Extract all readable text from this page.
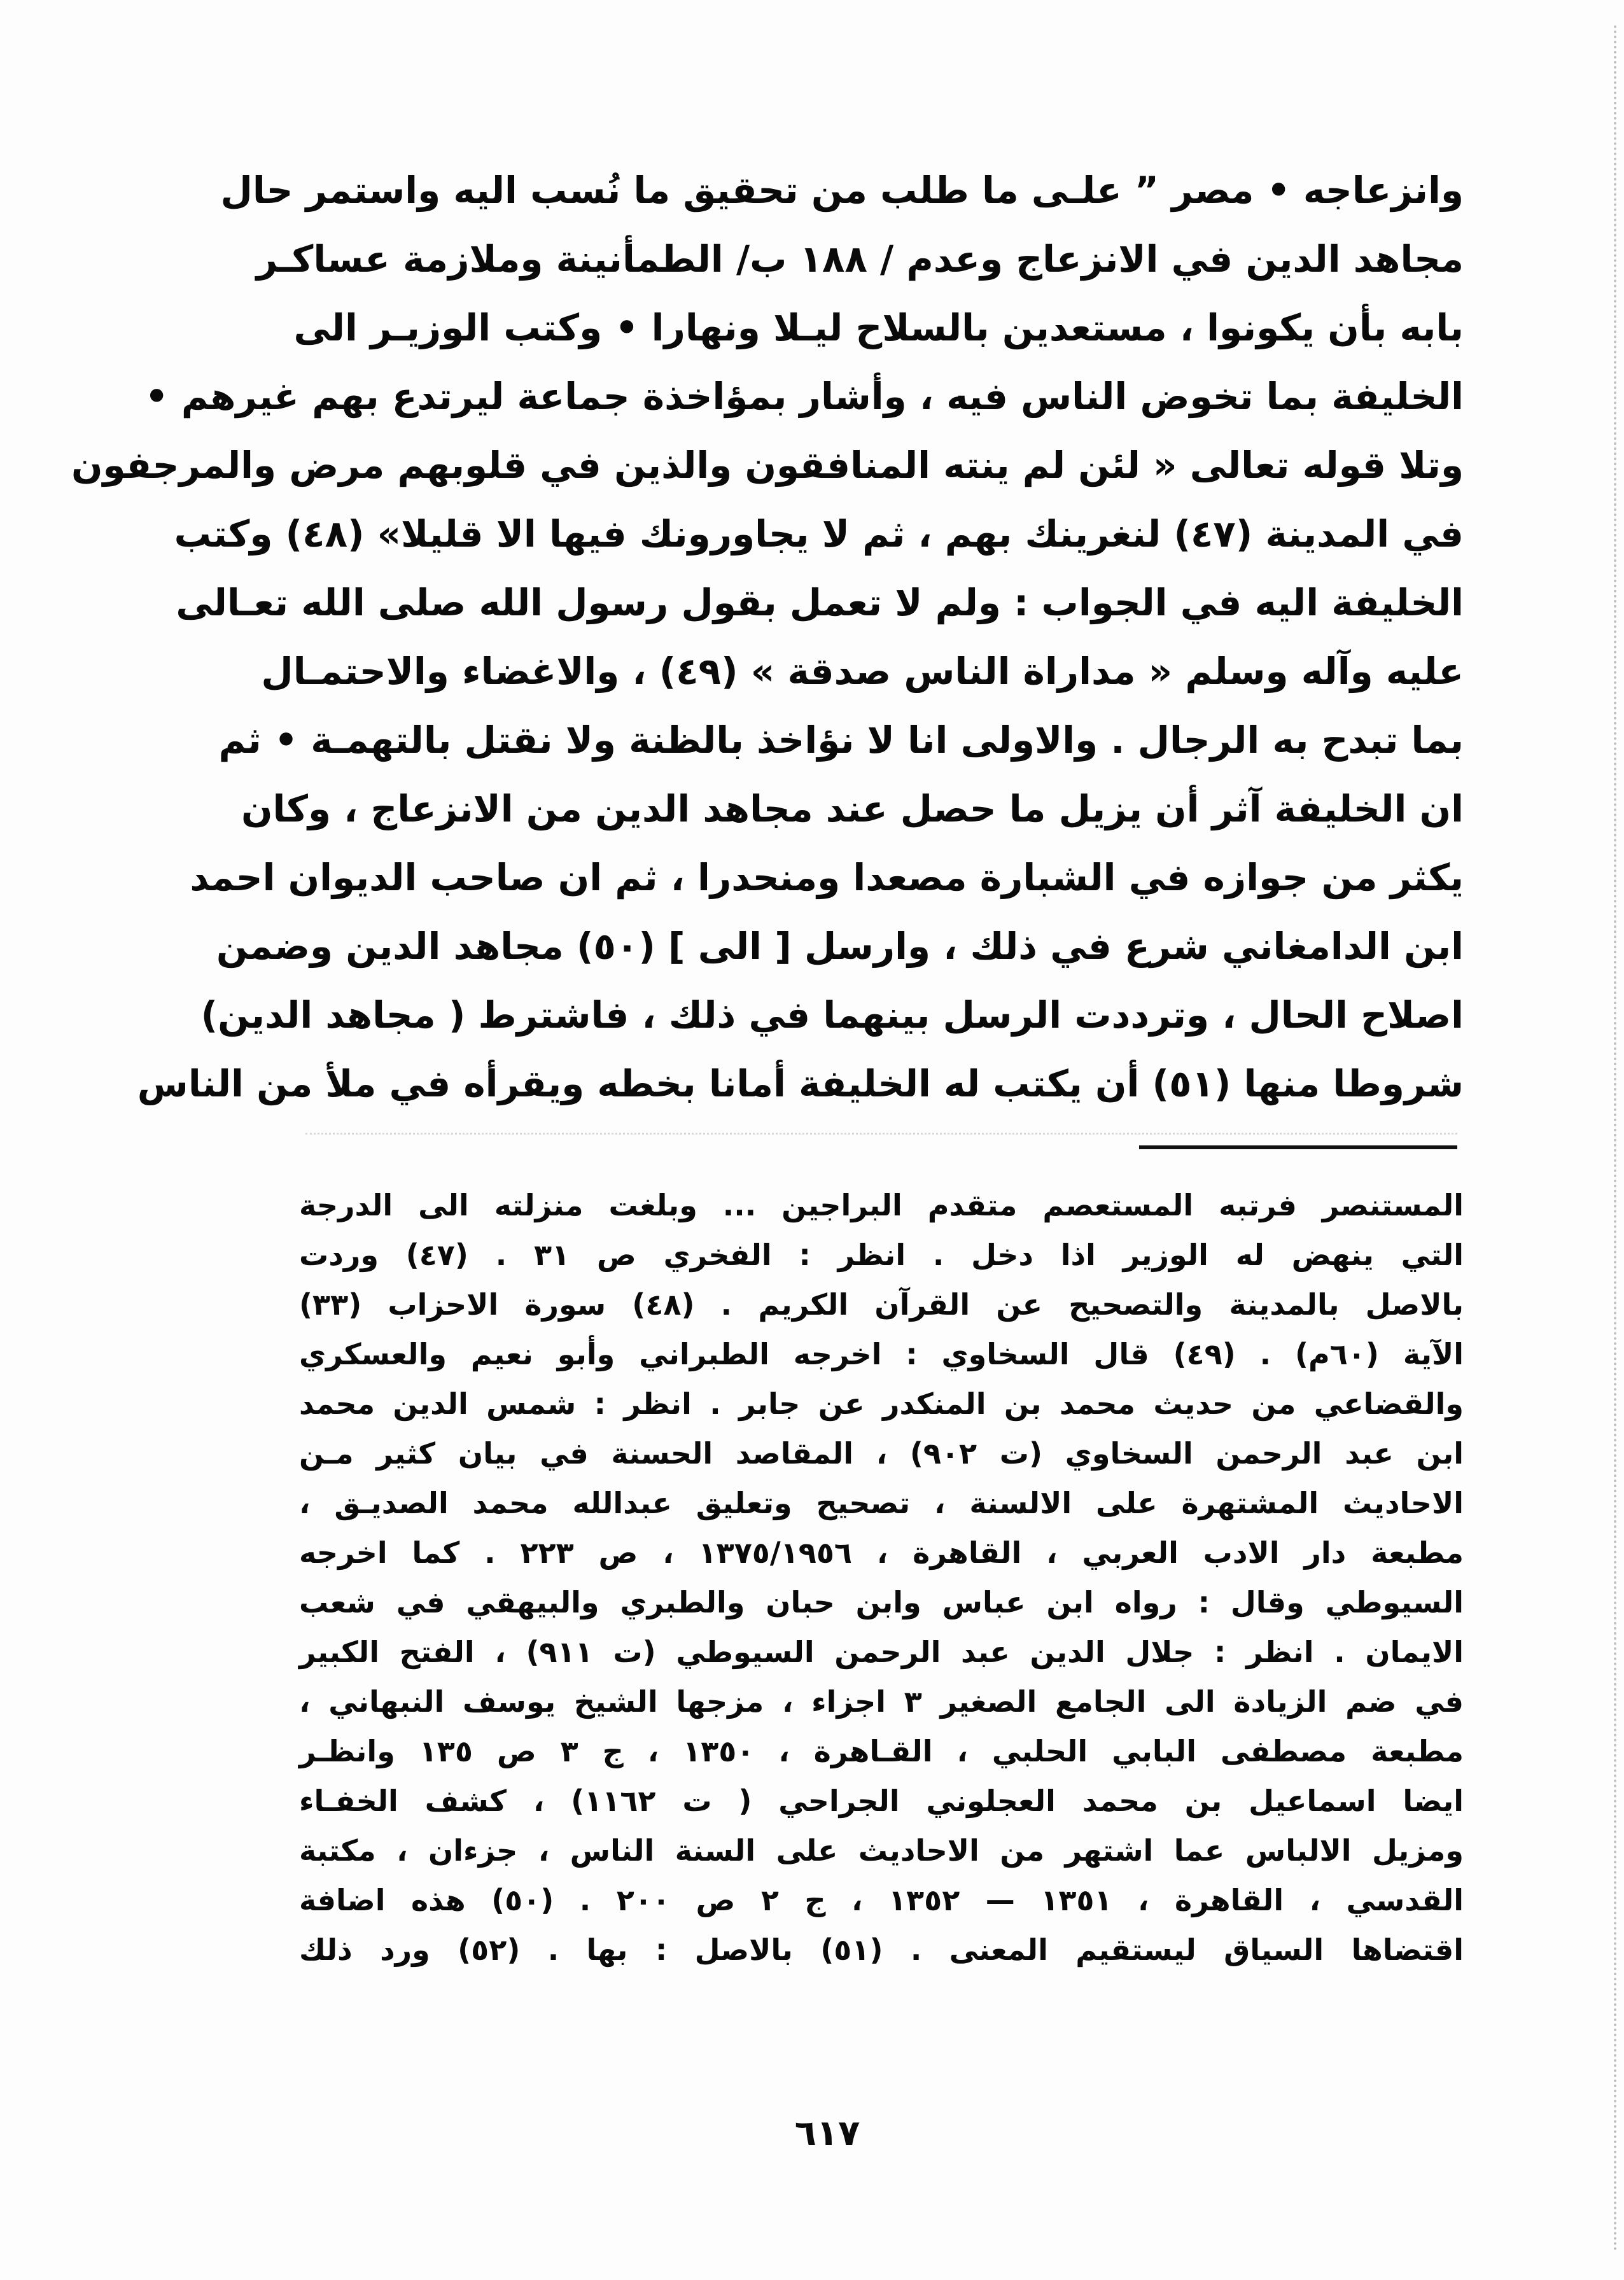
وانزعاجه • مصر ” علـى ما طلب من تحقيق ما نُسب اليه واستمر حال
مجاهد الدين في الانزعاج وعدم / ١٨٨ ب/ الطمأنينة وملازمة عساكـر
بابه بأن يكونوا ، مستعدين بالسلاح ليـلا ونهارا • وكتب الوزيـر الى
الخليفة بما تخوض الناس فيه ، وأشار بمؤاخذة جماعة ليرتدع بهم غيرهم •
وتلا قوله تعالى « لئن لم ينته المنافقون والذين في قلوبهم مرض والمرجفون
في المدينة (٤٧) لنغرينك بهم ، ثم لا يجاورونك فيها الا قليلا» (٤٨) وكتب
الخليفة اليه في الجواب : ولم لا تعمل بقول رسول الله صلى الله تعـالى
عليه وآله وسلم « مداراة الناس صدقة » (٤٩) ، والاغضاء والاحتمـال
بما تبدح به الرجال . والاولى انا لا نؤاخذ بالظنة ولا نقتل بالتهمـة • ثم
ان الخليفة آثر أن يزيل ما حصل عند مجاهد الدين من الانزعاج ، وكان
يكثر من جوازه في الشبارة مصعدا ومنحدرا ، ثم ان صاحب الديوان احمد
ابن الدامغاني شرع في ذلك ، وارسل [ الى ] (٥٠) مجاهد الدين وضمن
اصلاح الحال ، وترددت الرسل بينهما في ذلك ، فاشترط ( مجاهد الدين)
شروطا منها (٥١) أن يكتب له الخليفة أمانا بخطه ويقرأه في ملأ من الناس
المستنصر فرتبه المستعصم متقدم البراجين ... وبلغت منزلته الى الدرجة
التي ينهض له الوزير اذا دخل . انظر : الفخري ص ٣١ . (٤٧) وردت
بالاصل بالمدينة والتصحيح عن القرآن الكريم . (٤٨) سورة الاحزاب (٣٣)
الآية (٦٠م) . (٤٩) قال السخاوي : اخرجه الطبراني وأبو نعيم والعسكري
والقضاعي من حديث محمد بن المنكدر عن جابر . انظر : شمس الدين محمد
ابن عبد الرحمن السخاوي (ت ٩٠٢) ، المقاصد الحسنة في بيان كثير مـن
الاحاديث المشتهرة على الالسنة ، تصحيح وتعليق عبدالله محمد الصديـق ،
مطبعة دار الادب العربي ، القاهرة ، ١٣٧٥/١٩٥٦ ، ص ٢٢٣ . كما اخرجه
السيوطي وقال : رواه ابن عباس وابن حبان والطبري والبيهقي في شعب
الايمان . انظر : جلال الدين عبد الرحمن السيوطي (ت ٩١١) ، الفتح الكبير
في ضم الزيادة الى الجامع الصغير ٣ اجزاء ، مزجها الشيخ يوسف النبهاني ،
مطبعة مصطفى البابي الحلبي ، القـاهرة ، ١٣٥٠ ، ج ٣ ص ١٣٥ وانظـر
ايضا اسماعيل بن محمد العجلوني الجراحي ( ت ١١٦٢) ، كشف الخفـاء
ومزيل الالباس عما اشتهر من الاحاديث على السنة الناس ، جزءان ، مكتبة
القدسي ، القاهرة ، ١٣٥١ — ١٣٥٢ ، ج ٢ ص ٢٠٠ . (٥٠) هذه اضافة
اقتضاها السياق ليستقيم المعنى . (٥١) بالاصل : بها . (٥٢) ورد ذلك
٦١٧
